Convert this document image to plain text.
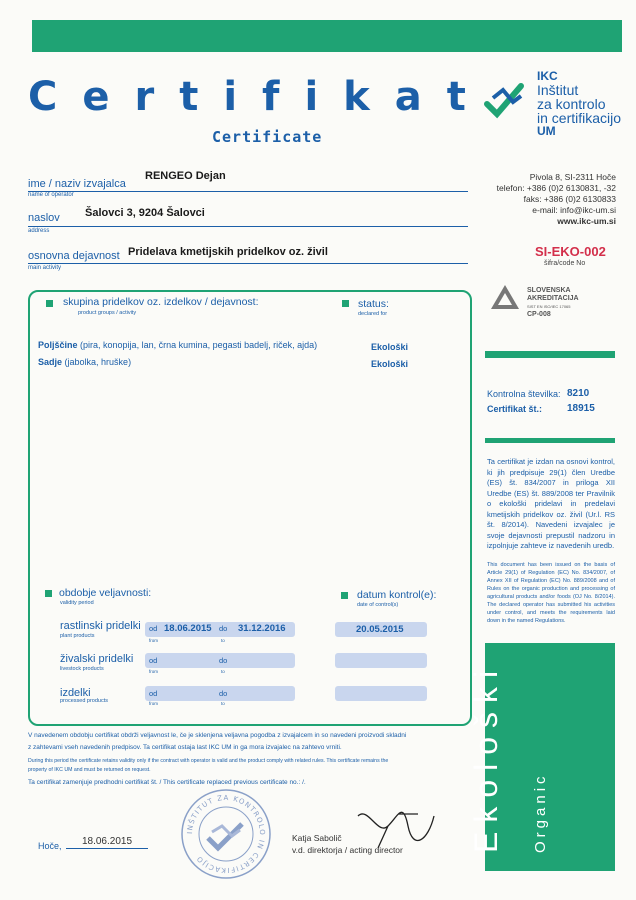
Certifikat
Certificate
IKC
Inštitut
za kontrolo
in certifikacijo
UM
Pivola 8, SI-2311 Hoče
telefon: +386 (0)2 6130831, -32
faks: +386 (0)2 6130833
e-mail: info@ikc-um.si
www.ikc-um.si
SI-EKO-002
šifra/code No
SLOVENSKA
AKREDITACIJA
SIST EN ISO/IEC 17065
CP-008
Kontrolna številka: 8210
Certifikat št.: 18915
Ta certifikat je izdan na osnovi kontrol, ki jih predpisuje 29(1) člen Uredbe (ES) št. 834/2007 in priloga XII Uredbe (ES) št. 889/2008 ter Pravilnik o ekološki pridelavi in predelavi kmetijskih pridelkov oz. živil (Ur.l. RS št. 8/2014). Navedeni izvajalec je svoje dejavnosti prepustil nadzoru in izpolnjuje zahteve iz navedenih uredb.
This document has been issued on the basis of Article 29(1) of Regulation (EC) No. 834/2007, of Annex XII of Regulation (EC) No. 889/2008 and of Rules on the organic production and processing of agricultural products and/or foods (OJ No. 8/2014). The declared operator has submitted his activities under control, and meets the requirements laid down in the named Regulations.
Ekološki Organic
ime / naziv izvajalca
name of operator
RENGEO Dejan
naslov
address
Šalovci 3, 9204 Šalovci
osnovna dejavnost
main activity
Pridelava kmetijskih pridelkov oz. živil
skupina pridelkov oz. izdelkov / dejavnost:
product groups / activity
status:
declared for
Poljščine (pira, konopija, lan, črna kumina, pegasti badelj, riček, ajda)	Ekološki
Sadje (jabolka, hruške)	Ekološki
obdobje veljavnosti:
validity period
datum kontrol(e):
date of control(s)
rastlinski pridelki
plant products
od 18.06.2015 do 31.12.2016
from	to
20.05.2015
živalski pridelki
livestock products
od	do
from	to
izdelki
processed products
od	do
from	to
V navedenem obdobju certifikat obdrži veljavnost le, če je sklenjena veljavna pogodba z izvajalcem in so navedeni proizvodi skladni
z zahtevami vseh navedenih predpisov. Ta certifikat ostaja last IKC UM in ga mora izvajalec na zahtevo vrniti.
During this period the certificate retains validity only if the contract with operator is valid and the product comply with related rules. This certificate remains the
property of IKC UM and must be returned on request.
Ta certifikat zamenjuje predhodni certifikat št. / This certificate replaced previous certificate no.: /.
INŠTITUT ZA KONTROLO IN CERTIFIKACIJO
Katja Sabolič
v.d. direktorja / acting director
Hoče,	18.06.2015
